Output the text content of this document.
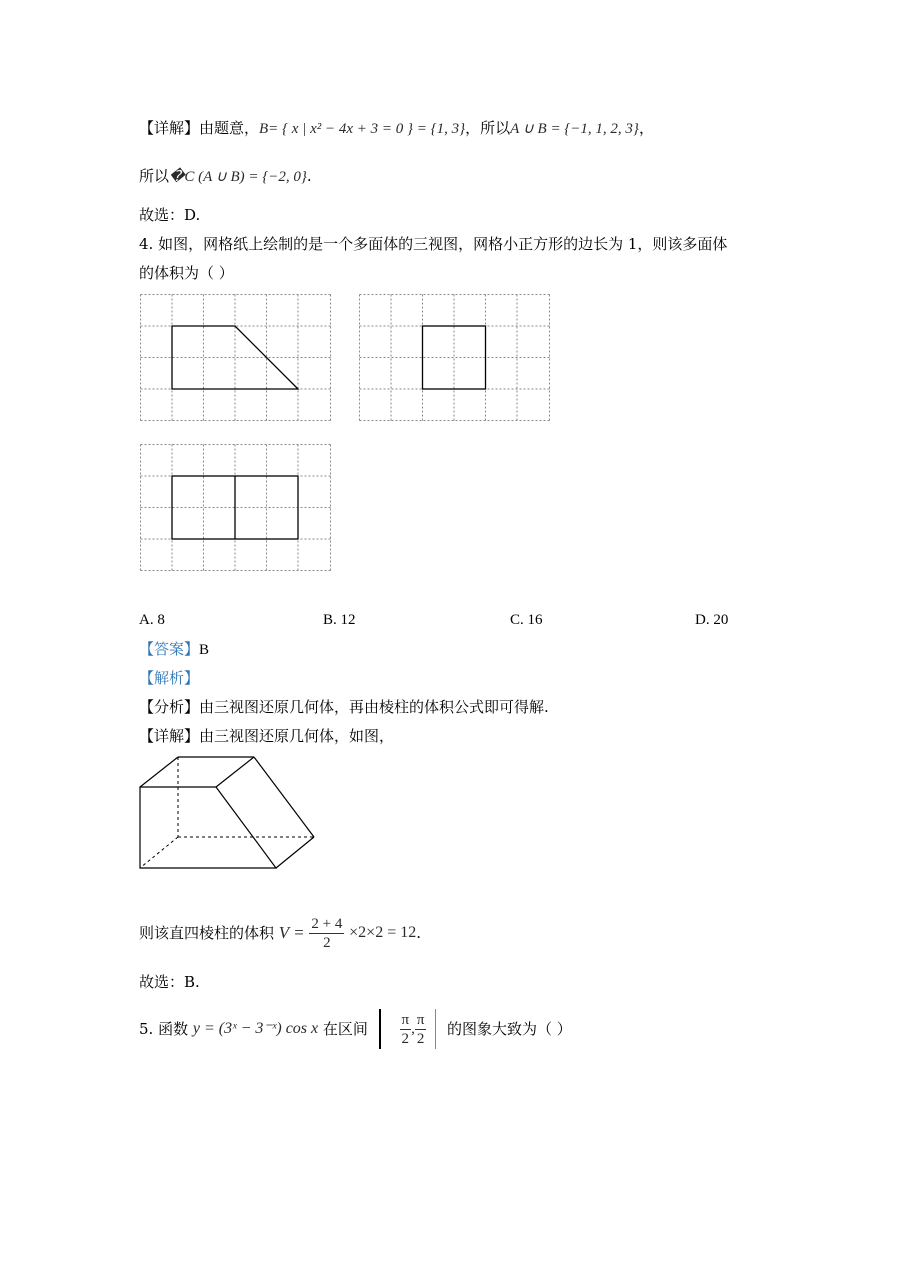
【详解】由题意，B= { x | x² − 4x + 3 = 0 } = {1, 3}，所以A ∪ B = {−1, 1, 2, 3}，
所以�C (A ∪ B) = {−2, 0}.
故选：D.
4. 如图，网格纸上绘制的是一个多面体的三视图，网格小正方形的边长为 1，则该多面体
的体积为（ ）
A. 8	B. 12	C. 16	D. 20
【答案】B
【解析】
【分析】由三视图还原几何体，再由棱柱的体积公式即可得解.
【详解】由三视图还原几何体，如图，
则该直四棱柱的体积 $V = \frac{2 + 4}{2} \times 2\times 2 = 12$.
故选：B.
5. 函数 y = (3ˣ − 3⁻ˣ) cos x 在区间 $\frac{\pi}{2}$ , $\frac{\pi}{2}$ 的图象大致为（ ）
